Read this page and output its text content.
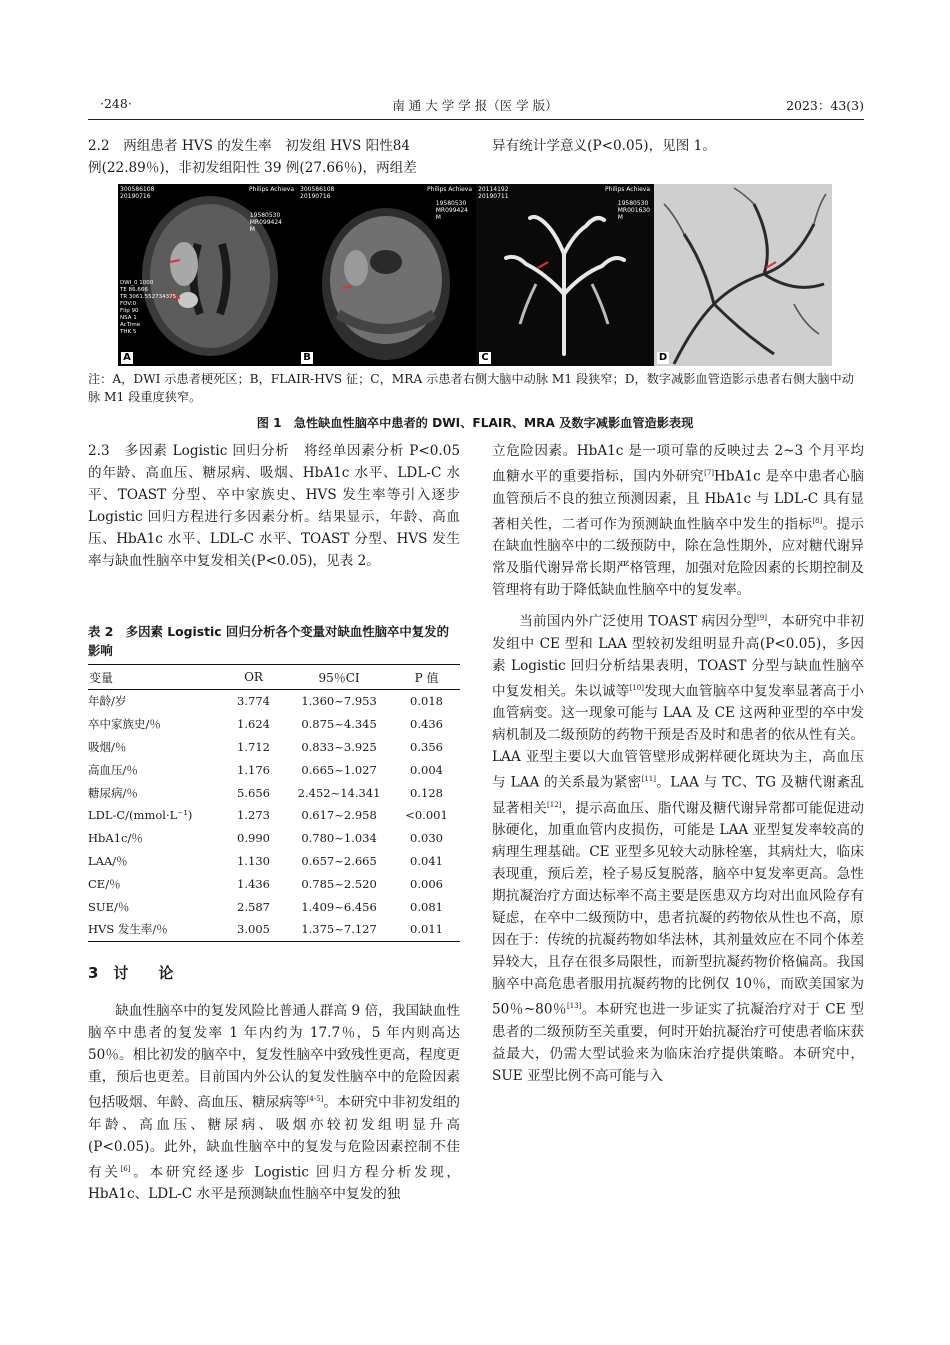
·248·	南 通 大 学 学 报（医 学 版）	2023：43(3)

2.2　两组患者 HVS 的发生率　 初发组 HVS 阳性84

例(22.89％)，非初发组阳性 39 例(27.66％)，两组差

异有统计学意义(P<0.05)，见图 1。
300586108
20190716
Philips Achieva
19580530
MR099424
M
DWI_0 1000
TE 86.666
TR 3061.552734375
FOV:0
Flip 90
NSA 1
AcTime
THK 5
A
300586108
20190716
Philips Achieva
19580530
MR099424
M
B
20114192
20190711
Philips Achieva
19580530
MR001630
M
C	D
注：A，DWI 示患者梗死区；B，FLAIR-HVS 征；C，MRA 示患者右侧大脑中动脉 M1 段狭窄；D，数字减影血管造影示患者右侧大脑中动脉 M1 段重度狭窄。
图 1　急性缺血性脑卒中患者的 DWI、FLAIR、MRA 及数字减影血管造影表现

2.3　多因素 Logistic 回归分析　 将经单因素分析 P<0.05 的年龄、高血压、糖尿病、吸烟、HbA1c 水平、LDL-C 水平、TOAST 分型、卒中家族史、HVS 发生率等引入逐步 Logistic 回归方程进行多因素分析。结果显示，年龄、高血压、HbA1c 水平、LDL-C 水平、TOAST 分型、HVS 发生率与缺血性脑卒中复发相关(P<0.05)，见表 2。

表 2　多因素 Logistic 回归分析各个变量对缺血性脑卒中复发的影响
变量	OR	95％CI	P 值
年龄/岁	3.774	1.360~7.953	0.018
卒中家族史/％	1.624	0.875~4.345	0.436
吸烟/％	1.712	0.833~3.925	0.356
高血压/％	1.176	0.665~1.027	0.004
糖尿病/％	5.656	2.452~14.341	0.128
LDL-C/(mmol·L⁻¹)	1.273	0.617~2.958	<0.001
HbA1c/％	0.990	0.780~1.034	0.030
LAA/％	1.130	0.657~2.665	0.041
CE/％	1.436	0.785~2.520	0.006
SUE/％	2.587	1.409~6.456	0.081
HVS 发生率/％	3.005	1.375~7.127	0.011
3　讨　　论

缺血性脑卒中的复发风险比普通人群高 9 倍，我国缺血性脑卒中患者的复发率 1 年内约为 17.7％，5 年内则高达 50％。相比初发的脑卒中，复发性脑卒中致残性更高，程度更重，预后也更差。目前国内外公认的复发性脑卒中的危险因素包括吸烟、年龄、高血压、糖尿病等[4-5]。本研究中非初发组的年龄、高血压、糖尿病、吸烟亦较初发组明显升高(P<0.05)。此外，缺血性脑卒中的复发与危险因素控制不佳有关[6]。本研究经逐步 Logistic 回归方程分析发现，HbA1c、LDL-C 水平是预测缺血性脑卒中复发的独

立危险因素。HbA1c 是一项可靠的反映过去 2~3 个月平均血糖水平的重要指标，国内外研究[7]HbA1c 是卒中患者心脑血管预后不良的独立预测因素，且 HbA1c 与 LDL-C 具有显著相关性，二者可作为预测缺血性脑卒中发生的指标[8]。提示在缺血性脑卒中的二级预防中，除在急性期外，应对糖代谢异常及脂代谢异常长期严格管理，加强对危险因素的长期控制及管理将有助于降低缺血性脑卒中的复发率。

当前国内外广泛使用 TOAST 病因分型[9]，本研究中非初发组中 CE 型和 LAA 型较初发组明显升高(P<0.05)，多因素 Logistic 回归分析结果表明，TOAST 分型与缺血性脑卒中复发相关。朱以诚等[10]发现大血管脑卒中复发率显著高于小血管病变。这一现象可能与 LAA 及 CE 这两种亚型的卒中发病机制及二级预防的药物干预是否及时和患者的依从性有关。LAA 亚型主要以大血管管壁形成粥样硬化斑块为主，高血压与 LAA 的关系最为紧密[11]。LAA 与 TC、TG 及糖代谢紊乱显著相关[12]，提示高血压、脂代谢及糖代谢异常都可能促进动脉硬化，加重血管内皮损伤，可能是 LAA 亚型复发率较高的病理生理基础。CE 亚型多见较大动脉栓塞，其病灶大，临床表现重，预后差，栓子易反复脱落，脑卒中复发率更高。急性期抗凝治疗方面达标率不高主要是医患双方均对出血风险存有疑虑，在卒中二级预防中，患者抗凝的药物依从性也不高，原因在于：传统的抗凝药物如华法林，其剂量效应在不同个体差异较大，且存在很多局限性，而新型抗凝药物价格偏高。我国脑卒中高危患者服用抗凝药物的比例仅 10％，而欧美国家为 50％~80％[13]。本研究也进一步证实了抗凝治疗对于 CE 型患者的二级预防至关重要，何时开始抗凝治疗可使患者临床获益最大，仍需大型试验来为临床治疗提供策略。本研究中，SUE 亚型比例不高可能与入
